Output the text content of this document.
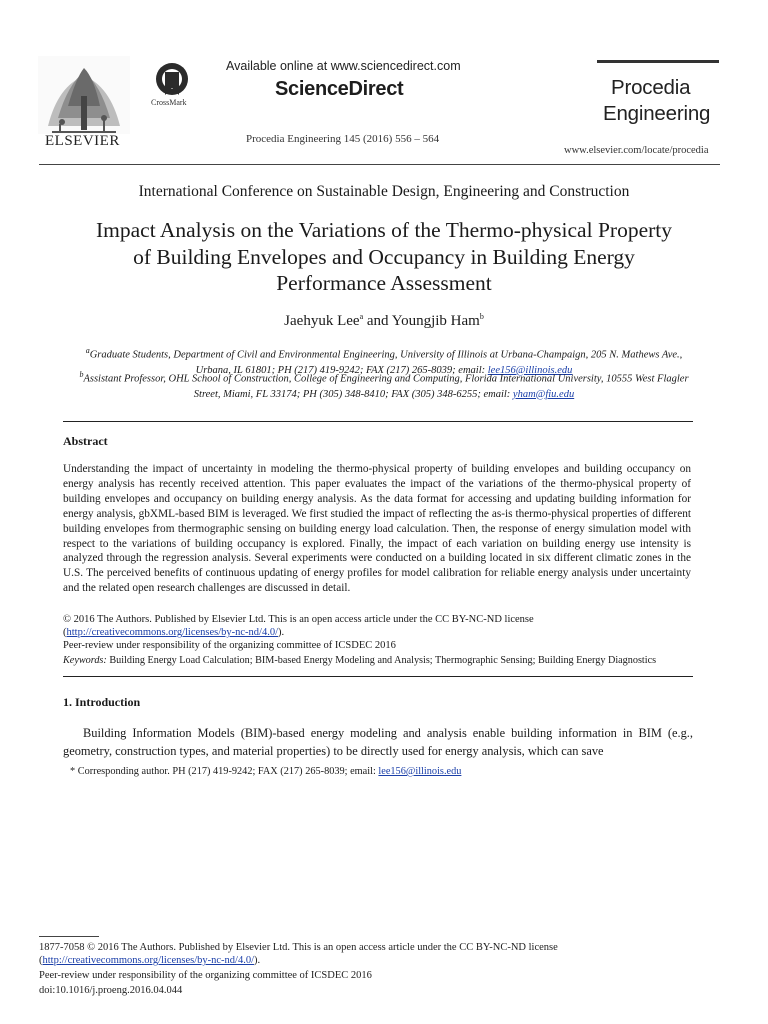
ELSEVIER
CrossMark
Available online at www.sciencedirect.com
ScienceDirect
Procedia Engineering 145 (2016) 556 – 564
Procedia
Engineering
www.elsevier.com/locate/procedia
International Conference on Sustainable Design, Engineering and Construction
Impact Analysis on the Variations of the Thermo-physical Property
of Building Envelopes and Occupancy in Building Energy
Performance Assessment
Jaehyuk Lee$^a$ and Youngjib Ham$^b$
$^a$Graduate Students, Department of Civil and Environmental Engineering, University of Illinois at Urbana-Champaign, 205 N. Mathews Ave.,
Urbana, IL 61801; PH (217) 419-9242; FAX (217) 265-8039; email: lee156@illinois.edu
$^b$Assistant Professor, OHL School of Construction, College of Engineering and Computing, Florida International University, 10555 West Flagler
Street, Miami, FL 33174; PH (305) 348-8410; FAX (305) 348-6255; email: yham@fiu.edu
Abstract
Understanding the impact of uncertainty in modeling the thermo-physical property of building envelopes and building occupancy on energy analysis has recently received attention. This paper evaluates the impact of the variations of the thermo-physical property of building envelopes and occupancy on building energy analysis. As the data format for accessing and updating building information for energy analysis, gbXML-based BIM is leveraged. We first studied the impact of reflecting the as-is thermo-physical properties of different building envelopes from thermographic sensing on building energy load calculation. Then, the response of energy simulation model with respect to the variations of building occupancy is explored. Finally, the impact of each variation on building energy use intensity is analyzed through the regression analysis. Several experiments were conducted on a building located in six different climatic zones in the U.S. The perceived benefits of continuous updating of energy profiles for model calibration for reliable energy analysis under uncertainty and the related open research challenges are discussed in detail.
© 2016 The Authors. Published by Elsevier Ltd. This is an open access article under the CC BY-NC-ND license
(http://creativecommons.org/licenses/by-nc-nd/4.0/).
Peer-review under responsibility of the organizing committee of ICSDEC 2016
Keywords: Building Energy Load Calculation; BIM-based Energy Modeling and Analysis; Thermographic Sensing; Building Energy Diagnostics
1. Introduction
Building Information Models (BIM)-based energy modeling and analysis enable building information in BIM (e.g., geometry, construction types, and material properties) to be directly used for energy analysis, which can save
* Corresponding author. PH (217) 419-9242; FAX (217) 265-8039; email: lee156@illinois.edu
1877-7058 © 2016 The Authors. Published by Elsevier Ltd. This is an open access article under the CC BY-NC-ND license
(http://creativecommons.org/licenses/by-nc-nd/4.0/).
Peer-review under responsibility of the organizing committee of ICSDEC 2016
doi:10.1016/j.proeng.2016.04.044
